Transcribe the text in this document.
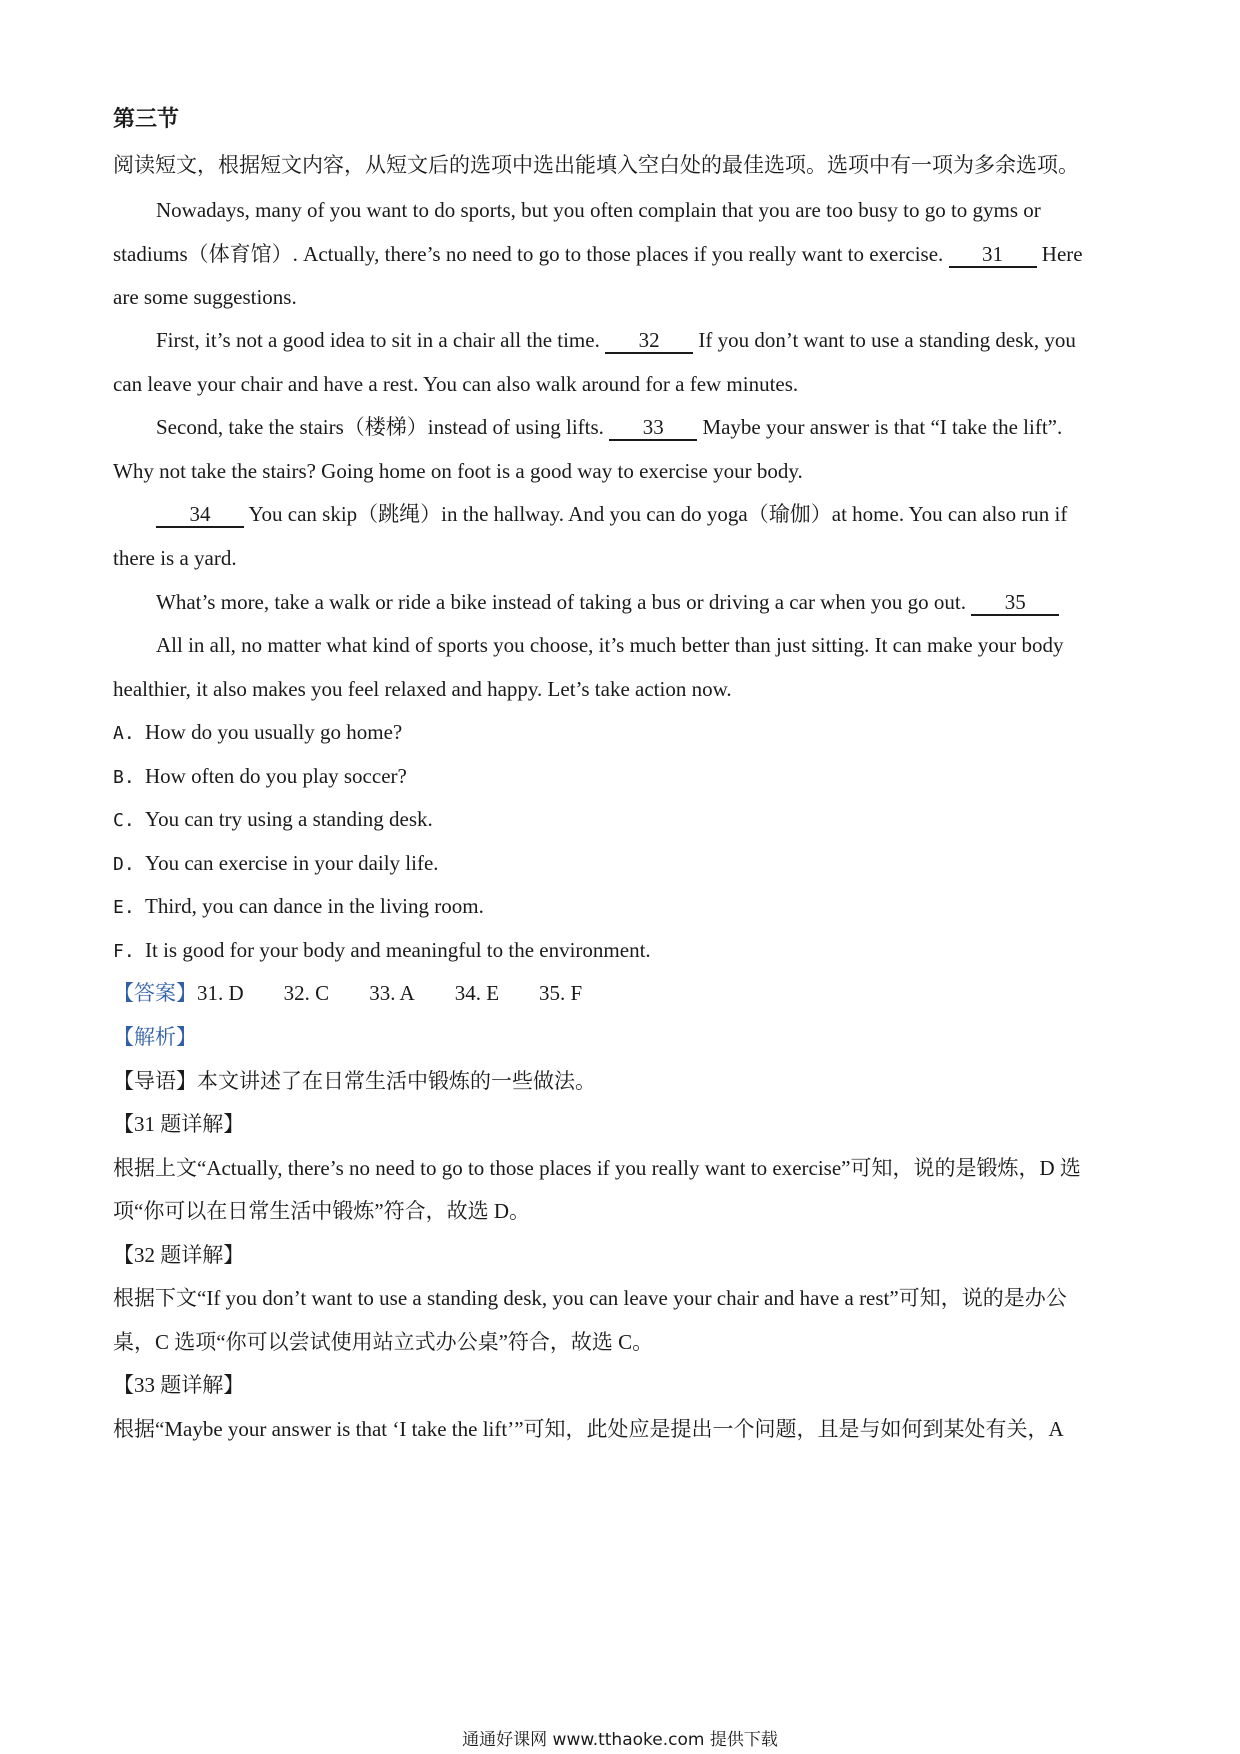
第三节
阅读短文，根据短文内容，从短文后的选项中选出能填入空白处的最佳选项。选项中有一项为多余选项。
Nowadays, many of you want to do sports, but you often complain that you are too busy to go to gyms or
stadiums（体育馆）. Actually, there’s no need to go to those places if you really want to exercise. 31 Here
are some suggestions.
First, it’s not a good idea to sit in a chair all the time. 32 If you don’t want to use a standing desk, you
can leave your chair and have a rest. You can also walk around for a few minutes.
Second, take the stairs（楼梯）instead of using lifts. 33 Maybe your answer is that “I take the lift”.
Why not take the stairs? Going home on foot is a good way to exercise your body.
34 You can skip（跳绳）in the hallway. And you can do yoga（瑜伽）at home. You can also run if
there is a yard.
What’s more, take a walk or ride a bike instead of taking a bus or driving a car when you go out. 35
All in all, no matter what kind of sports you choose, it’s much better than just sitting. It can make your body
healthier, it also makes you feel relaxed and happy. Let’s take action now.
A. How do you usually go home?
B. How often do you play soccer?
C. You can try using a standing desk.
D. You can exercise in your daily life.
E. Third, you can dance in the living room.
F. It is good for your body and meaningful to the environment.
【答案】31. D 32. C 33. A 34. E 35. F
【解析】
【导语】本文讲述了在日常生活中锻炼的一些做法。
【31 题详解】
根据上文“Actually, there’s no need to go to those places if you really want to exercise”可知，说的是锻炼，D 选
项“你可以在日常生活中锻炼”符合，故选 D。
【32 题详解】
根据下文“If you don’t want to use a standing desk, you can leave your chair and have a rest”可知，说的是办公
桌，C 选项“你可以尝试使用站立式办公桌”符合，故选 C。
【33 题详解】
根据“Maybe your answer is that ‘I take the lift’”可知，此处应是提出一个问题，且是与如何到某处有关，A
通通好课网 www.tthaoke.com 提供下载
